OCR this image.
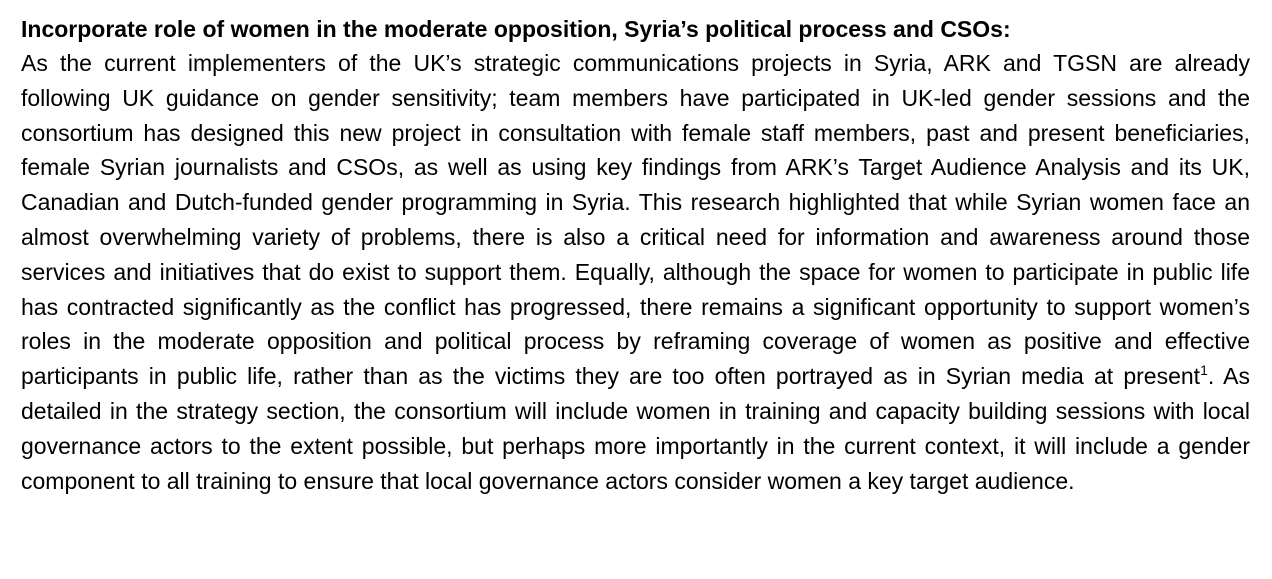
Incorporate role of women in the moderate opposition, Syria’s political process and CSOs:

As the current implementers of the UK’s strategic communications projects in Syria, ARK and TGSN are already following UK guidance on gender sensitivity; team members have participated in UK-led gender sessions and the consortium has designed this new project in consultation with female staff members, past and present beneficiaries, female Syrian journalists and CSOs, as well as using key findings from ARK’s Target Audience Analysis and its UK, Canadian and Dutch-funded gender programming in Syria. This research highlighted that while Syrian women face an almost overwhelming variety of problems, there is also a critical need for information and awareness around those services and initiatives that do exist to support them. Equally, although the space for women to participate in public life has contracted significantly as the conflict has progressed, there remains a significant opportunity to support women’s roles in the moderate opposition and political process by reframing coverage of women as positive and effective participants in public life, rather than as the victims they are too often portrayed as in Syrian media at present$^1$. As detailed in the strategy section, the consortium will include women in training and capacity building sessions with local governance actors to the extent possible, but perhaps more importantly in the current context, it will include a gender component to all training to ensure that local governance actors consider women a key target audience.
